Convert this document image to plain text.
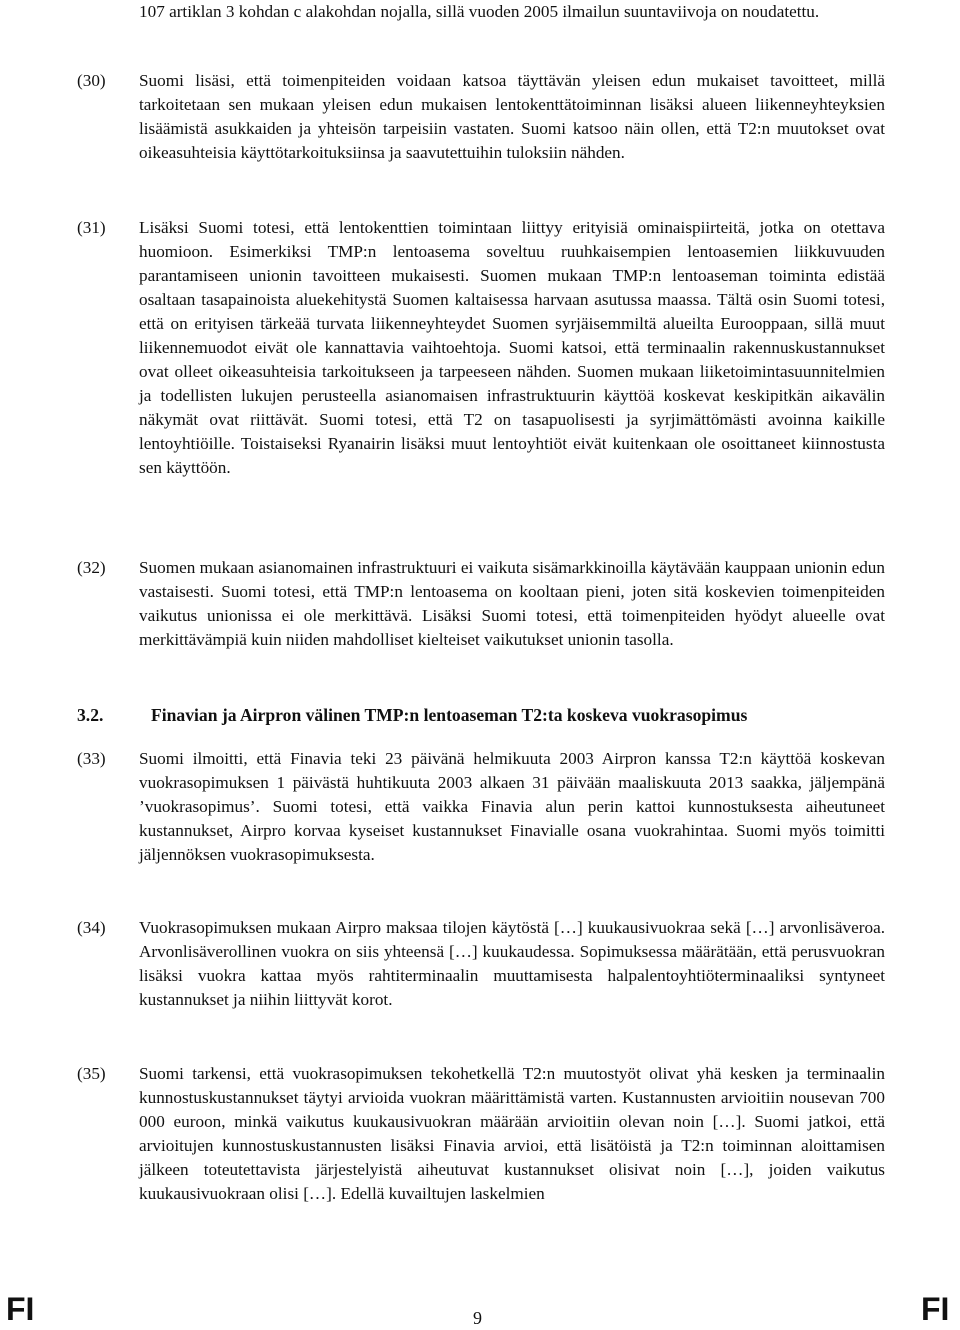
107 artiklan 3 kohdan c alakohdan nojalla, sillä vuoden 2005 ilmailun suuntaviivoja on noudatettu.
(30) Suomi lisäsi, että toimenpiteiden voidaan katsoa täyttävän yleisen edun mukaiset tavoitteet, millä tarkoitetaan sen mukaan yleisen edun mukaisen lentokenttätoiminnan lisäksi alueen liikenneyhteyksien lisäämistä asukkaiden ja yhteisön tarpeisiin vastaten. Suomi katsoo näin ollen, että T2:n muutokset ovat oikeasuhteisia käyttötarkoituksiinsa ja saavutettuihin tuloksiin nähden.
(31) Lisäksi Suomi totesi, että lentokenttien toimintaan liittyy erityisiä ominaispiirteitä, jotka on otettava huomioon. Esimerkiksi TMP:n lentoasema soveltuu ruuhkaisempien lentoasemien liikkuvuuden parantamiseen unionin tavoitteen mukaisesti. Suomen mukaan TMP:n lentoaseman toiminta edistää osaltaan tasapainoista aluekehitystä Suomen kaltaisessa harvaan asutussa maassa. Tältä osin Suomi totesi, että on erityisen tärkeää turvata liikenneyhteydet Suomen syrjäisemmiltä alueilta Eurooppaan, sillä muut liikennemuodot eivät ole kannattavia vaihtoehtoja. Suomi katsoi, että terminaalin rakennuskustannukset ovat olleet oikeasuhteisia tarkoitukseen ja tarpeeseen nähden. Suomen mukaan liiketoimintasuunnitelmien ja todellisten lukujen perusteella asianomaisen infrastruktuurin käyttöä koskevat keskipitkän aikavälin näkymät ovat riittävät. Suomi totesi, että T2 on tasapuolisesti ja syrjimättömästi avoinna kaikille lentoyhtiöille. Toistaiseksi Ryanairin lisäksi muut lentoyhtiöt eivät kuitenkaan ole osoittaneet kiinnostusta sen käyttöön.
(32) Suomen mukaan asianomainen infrastruktuuri ei vaikuta sisämarkkinoilla käytävään kauppaan unionin edun vastaisesti. Suomi totesi, että TMP:n lentoasema on kooltaan pieni, joten sitä koskevien toimenpiteiden vaikutus unionissa ei ole merkittävä. Lisäksi Suomi totesi, että toimenpiteiden hyödyt alueelle ovat merkittävämpiä kuin niiden mahdolliset kielteiset vaikutukset unionin tasolla.
3.2.	Finavian ja Airpron välinen TMP:n lentoaseman T2:ta koskeva vuokrasopimus
(33) Suomi ilmoitti, että Finavia teki 23 päivänä helmikuuta 2003 Airpron kanssa T2:n käyttöä koskevan vuokrasopimuksen 1 päivästä huhtikuuta 2003 alkaen 31 päivään maaliskuuta 2013 saakka, jäljempänä ’vuokrasopimus’. Suomi totesi, että vaikka Finavia alun perin kattoi kunnostuksesta aiheutuneet kustannukset, Airpro korvaa kyseiset kustannukset Finavialle osana vuokrahintaa. Suomi myös toimitti jäljennöksen vuokrasopimuksesta.
(34) Vuokrasopimuksen mukaan Airpro maksaa tilojen käytöstä […] kuukausivuokraa sekä […] arvonlisäveroa. Arvonlisäverollinen vuokra on siis yhteensä […] kuukaudessa. Sopimuksessa määrätään, että perusvuokran lisäksi vuokra kattaa myös rahtiterminaalin muuttamisesta halpalentoyhtiöterminaaliksi syntyneet kustannukset ja niihin liittyvät korot.
(35) Suomi tarkensi, että vuokrasopimuksen tekohetkellä T2:n muutostyöt olivat yhä kesken ja terminaalin kunnostuskustannukset täytyi arvioida vuokran määrittämistä varten. Kustannusten arvioitiin nousevan 700 000 euroon, minkä vaikutus kuukausivuokran määrään arvioitiin olevan noin […]. Suomi jatkoi, että arvioitujen kunnostuskustannusten lisäksi Finavia arvioi, että lisätöistä ja T2:n toiminnan aloittamisen jälkeen toteutettavista järjestelyistä aiheutuvat kustannukset olisivat noin […], joiden vaikutus kuukausivuokraan olisi […]. Edellä kuvailtujen laskelmien
FI	9	FI
